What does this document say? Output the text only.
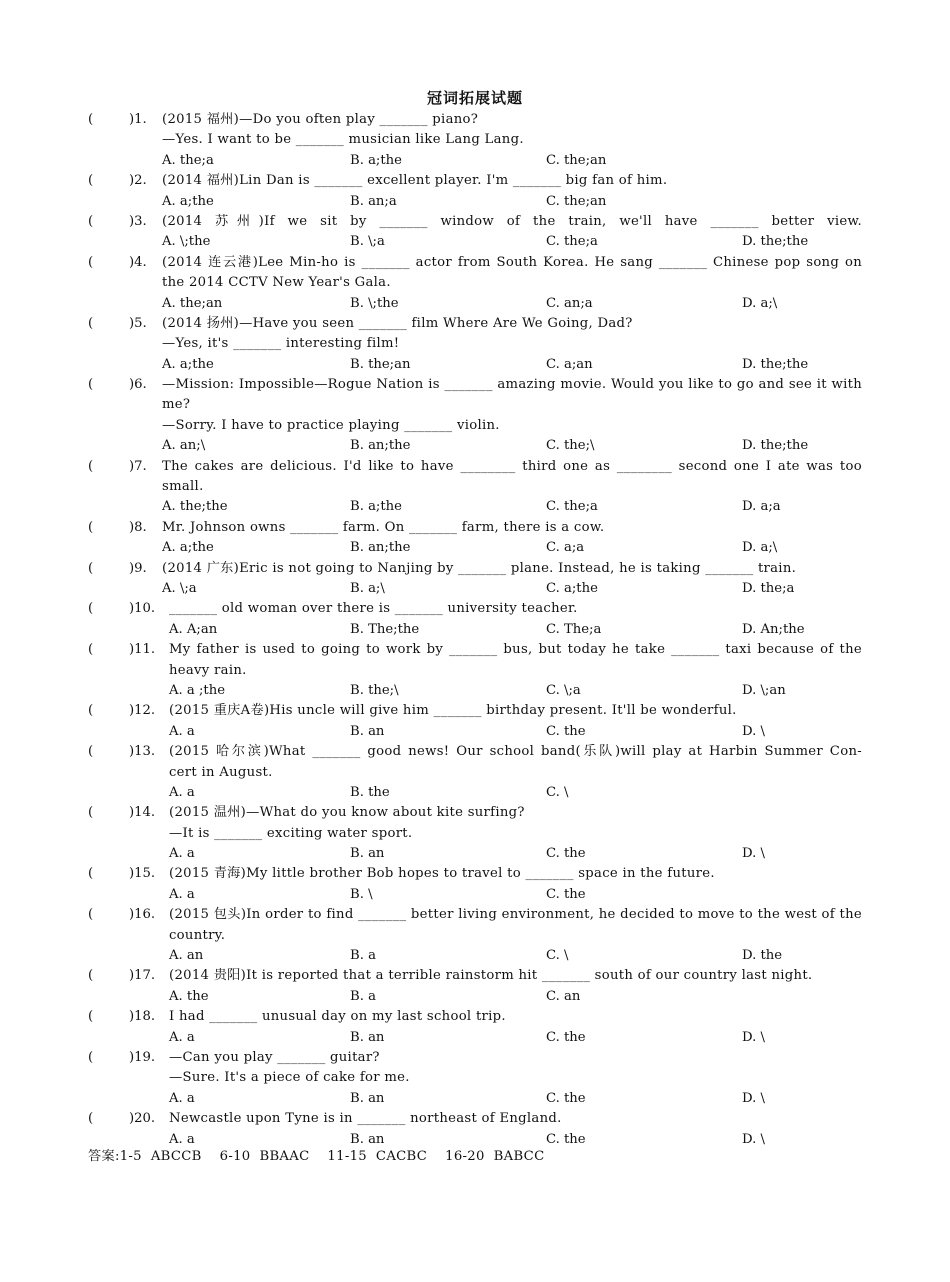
冠词拓展试题
(	)1. (2015 福州)—Do you often play _______ piano?
—Yes. I want to be _______ musician like Lang Lang.
A. the;a	B. a;the	C. the;an
(	)2. (2014 福州)Lin Dan is _______ excellent player. I'm _______ big fan of him.
A. a;the	B. an;a	C. the;an
(	)3. (2014 苏州)If we sit by _______ window of the train, we'll have _______ better view.
A. \;the	B. \;a	C. the;a	D. the;the
(	)4. (2014 连云港)Lee Min-ho is _______ actor from South Korea. He sang _______ Chinese pop song on
the 2014 CCTV New Year's Gala.
A. the;an	B. \;the	C. an;a	D. a;\
(	)5. (2014 扬州)—Have you seen _______ film Where Are We Going, Dad?
—Yes, it's _______ interesting film!
A. a;the	B. the;an	C. a;an	D. the;the
(	)6. —Mission: Impossible—Rogue Nation is _______ amazing movie. Would you like to go and see it with
me?
—Sorry. I have to practice playing _______ violin.
A. an;\	B. an;the	C. the;\	D. the;the
(	)7. The cakes are delicious. I'd like to have ________ third one as ________ second one I ate was too
small.
A. the;the	B. a;the	C. the;a	D. a;a
(	)8. Mr. Johnson owns _______ farm. On _______ farm, there is a cow.
A. a;the	B. an;the	C. a;a	D. a;\
(	)9. (2014 广东)Eric is not going to Nanjing by _______ plane. Instead, he is taking _______ train.
A. \;a	B. a;\	C. a;the	D. the;a
(	)10. _______ old woman over there is _______ university teacher.
A. A;an	B. The;the	C. The;a	D. An;the
(	)11. My father is used to going to work by _______ bus, but today he take _______ taxi because of the
heavy rain.
A. a ;the	B. the;\	C. \;a	D. \;an
(	)12. (2015 重庆A卷)His uncle will give him _______ birthday present. It'll be wonderful.
A. a	B. an	C. the	D. \
(	)13. (2015 哈尔滨)What _______ good news! Our school band(乐队)will play at Harbin Summer Con-
cert in August.
A. a	B. the	C. \
(	)14. (2015 温州)—What do you know about kite surfing?
—It is _______ exciting water sport.
A. a	B. an	C. the	D. \
(	)15. (2015 青海)My little brother Bob hopes to travel to _______ space in the future.
A. a	B. \	C. the
(	)16. (2015 包头)In order to find _______ better living environment, he decided to move to the west of the
country.
A. an	B. a	C. \	D. the
(	)17. (2014 贵阳)It is reported that a terrible rainstorm hit _______ south of our country last night.
A. the	B. a	C. an
(	)18. I had _______ unusual day on my last school trip.
A. a	B. an	C. the	D. \
(	)19. —Can you play _______ guitar?
—Sure. It's a piece of cake for me.
A. a	B. an	C. the	D. \
(	)20. Newcastle upon Tyne is in _______ northeast of England.
A. a	B. an	C. the	D. \
答案:1-5  ABCCB    6-10  BBAAC    11-15  CACBC    16-20  BABCC
